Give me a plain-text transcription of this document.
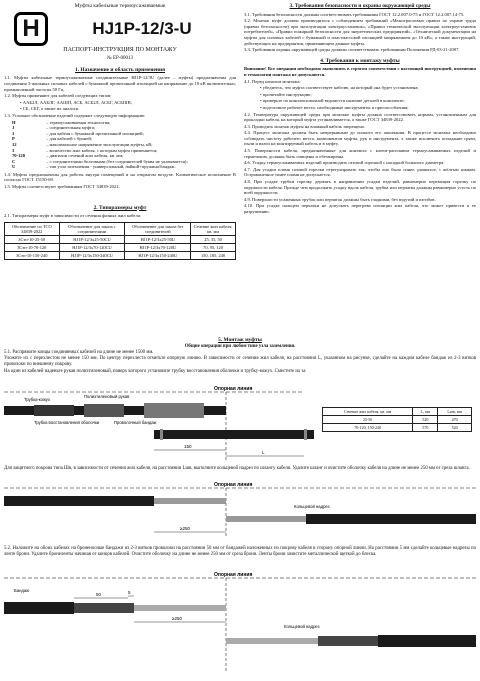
Муфты кабельные термоусаживаемые
H	HJ1P-12/3-U
ПАСПОРТ-ИНСТРУКЦИЯ ПО МОНТАЖУ
№ ЕР-00013
1. Назначение и область применения

1.1. Муфты кабельные термоусаживаемые соединительные HJ1P-12/3U (далее – муфты) предназначены для соединения 3-жильных силовых кабелей с бумажной пропитанной изоляцией на напряжение до 10 кВ включительно, промышленной частоты 50 Гц.

1.2. Муфты применяют для кабелей следующих типов:

• ААБ2Л, ААБЛГ, ААШП, АСБ, АСБ2Л, АСБГ, АСБШВ;

• СБ, СБГ, а также их аналоги.

1.3. Условное обозначение изделий содержит следующую информацию:

H	– термоусаживаемая технология;
J	– соединительная муфта;
1	– для кабеля с бумажной пропитанной изоляцией;
P	– для кабелей с броней;
12	– максимальное напряжение эксплуатации муфты, кВ;
3	– количество жил кабеля, с которым муфта применяется;
70-120	– диапазон сечений жил кабеля, кв. мм;
C	– с соединителями болтовыми (без соединителей буква не указывается);
U	– тип узла заземления - универсальный, пайкой+пружина/бандаж.

1.4. Муфты предназначены для работы внутри помещений и на открытом воздухе. Климатическое исполнение В согласно ГОСТ 15150-69.

1.5. Муфты соответствуют требованиям ГОСТ 34839-2022.

2. Типоразмеры муфт

2.1. Типоразмеры муфт в зависимости от сечения фазных жил кабеля:

Обозначение по ТСО 34839-2022	Обозначение для заказа с соединителями	Обозначение для заказа без соединителей	Сечение жил кабеля, кв. мм
3Стп-10-25-50	HJ1P-12/3х25-50CU	HJ1P-12/3х25-50U	25, 35, 50
3Стп-10-70-120	HJ1P-12/3х70-120CU	HJ1P-12/3х70-120U	70, 95, 120
3Стп-10-150-240	HJ1P-12/3х150-240CU	HJ1P-12/3х150-240U	150, 185, 240
3. Требования безопасности и охраны окружающей среды

3.1. Требования безопасности должны соответствовать требованиям ГОСТ 12.2.007.0-75 и ГОСТ 12.2.007.14-75.

3.2. Монтаж муфт должен производиться с соблюдением требований «Межотраслевых правил по охране труда (правил безопасности) при эксплуатации электроустановок», «Правил технической эксплуатации электроустановок потребителей», «Правил пожарной безопасности для энергетических предприятий», «Технической документации на муфты для силовых кабелей с бумажной и пластмассовой изоляцией напряжением до 10 кВ», а также инструкций, действующих на предприятии, применяющем данные муфты.

3.3. Требования охраны окружающей среды должны соответствовать требованиям Положения РД-03-21-2007.

4. Требования к монтажу муфты

Внимание! Все операции необходимо выполнять в строгом соответствии с настоящей инструкцией, изменения в технологии монтажа не допускаются.

4.1. Перед началом монтажа:

• убедитесь, что муфта соответствует кабелю, на который она будет установлена;

• прочитайте инструкцию;

• проверьте по комплектовочной ведомости наличие деталей в комплекте;

• подготовьте рабочее место, необходимые инструменты и приспособления;

4.2. Температура окружающей среды при монтаже муфты должна соответствовать нормам, установленным для прокладки кабеля, на который муфта устанавливается, а также ГОСТ 34839-2022.

4.3. Проводить монтаж муфты на влажный кабель запрещено.

4.4. Процесс монтажа должен быть непрерывным до полного его окончания. В процессе монтажа необходимо соблюдать чистоту рабочего места, компонентов муфты, рук и инструмента, а также исключить попадание грязи, пыли и влаги на монтируемый кабель и в муфту.

4.5. Поверхности кабеля, предназначенные для контакта с клеем-расплавом термоусаживаемых изделий и герметиком, должны быть очищены и обезжирены.

4.6. Усадку термоусаживаемых изделий производить газовой горелкой с насадкой большого диаметра.

4.7. Для усадки пламя газовой горелки отрегулировать так, чтобы оно было синее, размытое, с жёлтым языком. Остроконечное синее пламя не допускается.

4.8. При усадке трубки горелку держать в направлении усадки изделий, равномерно перемещая горелку по окружности кабеля. Прежде чем продолжить усадку вдоль кабеля, трубка или перчатка должны равномерно усесть по всей окружности.

4.9. Поверхности усаженных трубок или перчаток должны быть гладкими, без вздутий и изгибов.

4.10. При усадке пальцем перчатки не допускать перегрева изоляции жил кабеля, что может привести к ее разрушению.

5. Монтаж муфты
Общие операции при любом типе узла заземления.

5.1. Распрямите концы соединяемых кабелей на длине не менее 1500 мм.

Уложите их с перехлестом не менее 150 мм. По центру перехлеста отметьте опорную линию. В зависимости от сечения жил кабеля, на расстоянии L, указанном на рисунке, сделайте на каждом кабеле бандаж из 2-3 витков проволоки по внешнему покрову.

На один из кабелей наденьте рукав полиэтиленовый, поверх которого установите трубку восстановления оболочки и трубку-кожух. Сместите их за

Опорная линия
Трубка-кожух
Полиэтиленовый рукав
Проволочный бандаж
Трубка восстановления оболочки
150
L
Сечение жил кабеля, кв. мм	L, мм	Lшв, мм
25-50	520	470
70-120, 150-240	570	520

Для защитного покрова типа Шв, в зависимости от сечения жил кабеля, на расстоянии Lшв, выполните кольцевой надрез по шлангу кабеля. Удалите шланг и очистите оболочку кабеля на длине не менее 250 мм от среза шланга.

Опорная линия
Кольцевой надрез
≥250

5.2. Наложите на обоих кабелях на броненосные бандажи из 2-3 витков проволоки на расстоянии 50 мм от бандажей наложенных по покрову кабеля в сторону опорной линии. На расстоянии 5 мм сделайте кольцевые надрезы по ленте брони. Удалите бронеленты начиная от концов кабелей. Очистите оболочку на длине не менее 250 мм от среза брони. Ленты брони зачистите металлической щеткой до блеска.

Опорная линия
Бандаж
Кольцевой надрез
≥250
5
50
